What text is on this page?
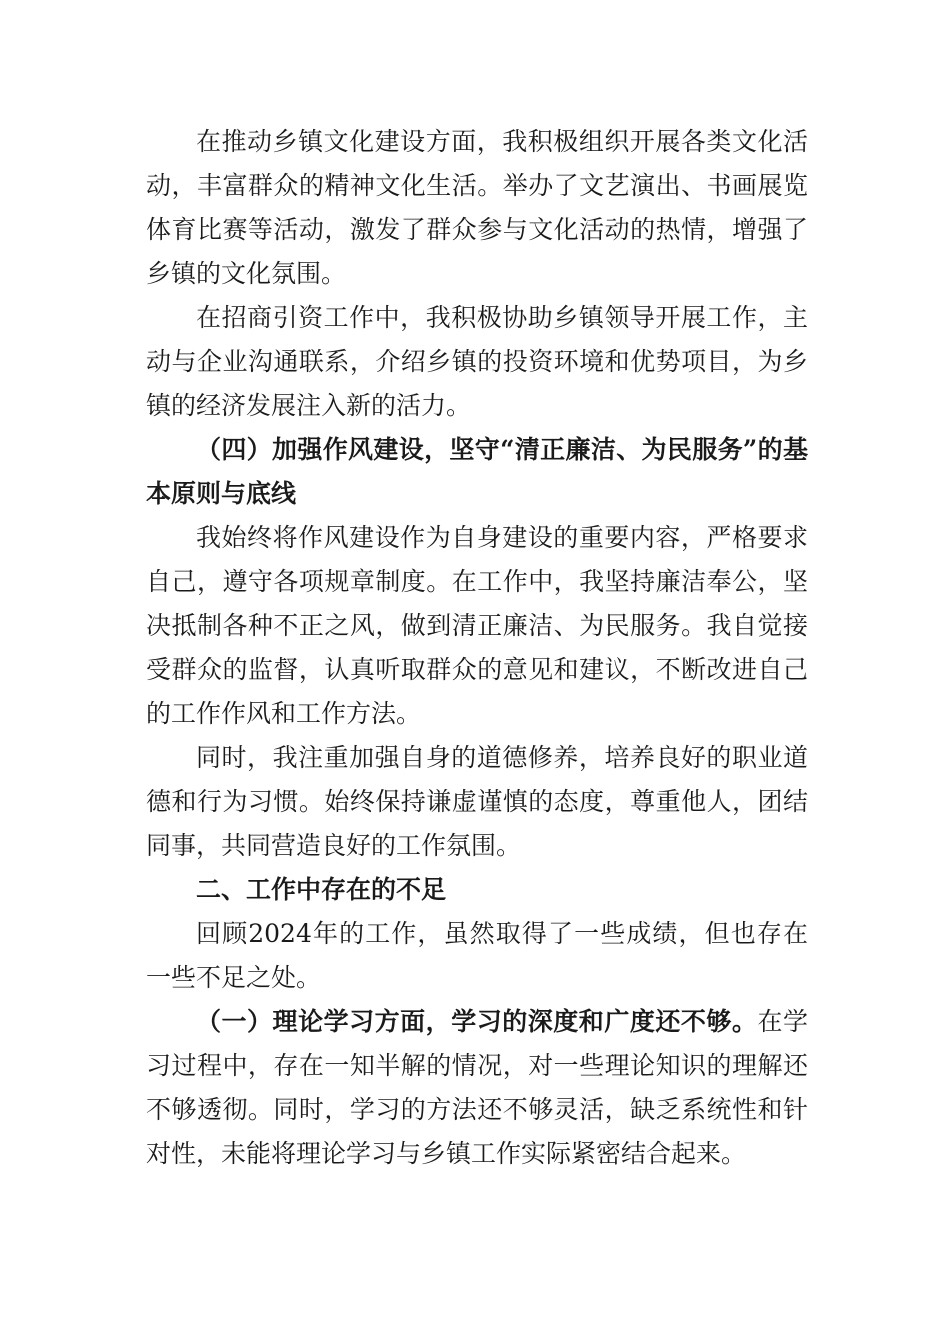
在推动乡镇文化建设方面，我积极组织开展各类文化活动，丰富群众的精神文化生活。举办了文艺演出、书画展览体育比赛等活动，激发了群众参与文化活动的热情，增强了乡镇的文化氛围。

在招商引资工作中，我积极协助乡镇领导开展工作，主动与企业沟通联系，介绍乡镇的投资环境和优势项目，为乡镇的经济发展注入新的活力。

（四）加强作风建设，坚守“清正廉洁、为民服务”的基本原则与底线

我始终将作风建设作为自身建设的重要内容，严格要求自己，遵守各项规章制度。在工作中，我坚持廉洁奉公，坚决抵制各种不正之风，做到清正廉洁、为民服务。我自觉接受群众的监督，认真听取群众的意见和建议，不断改进自己的工作作风和工作方法。

同时，我注重加强自身的道德修养，培养良好的职业道德和行为习惯。始终保持谦虚谨慎的态度，尊重他人，团结同事，共同营造良好的工作氛围。

二、工作中存在的不足

回顾2024年的工作，虽然取得了一些成绩，但也存在一些不足之处。

（一）理论学习方面，学习的深度和广度还不够。在学习过程中，存在一知半解的情况，对一些理论知识的理解还不够透彻。同时，学习的方法还不够灵活，缺乏系统性和针对性，未能将理论学习与乡镇工作实际紧密结合起来。
